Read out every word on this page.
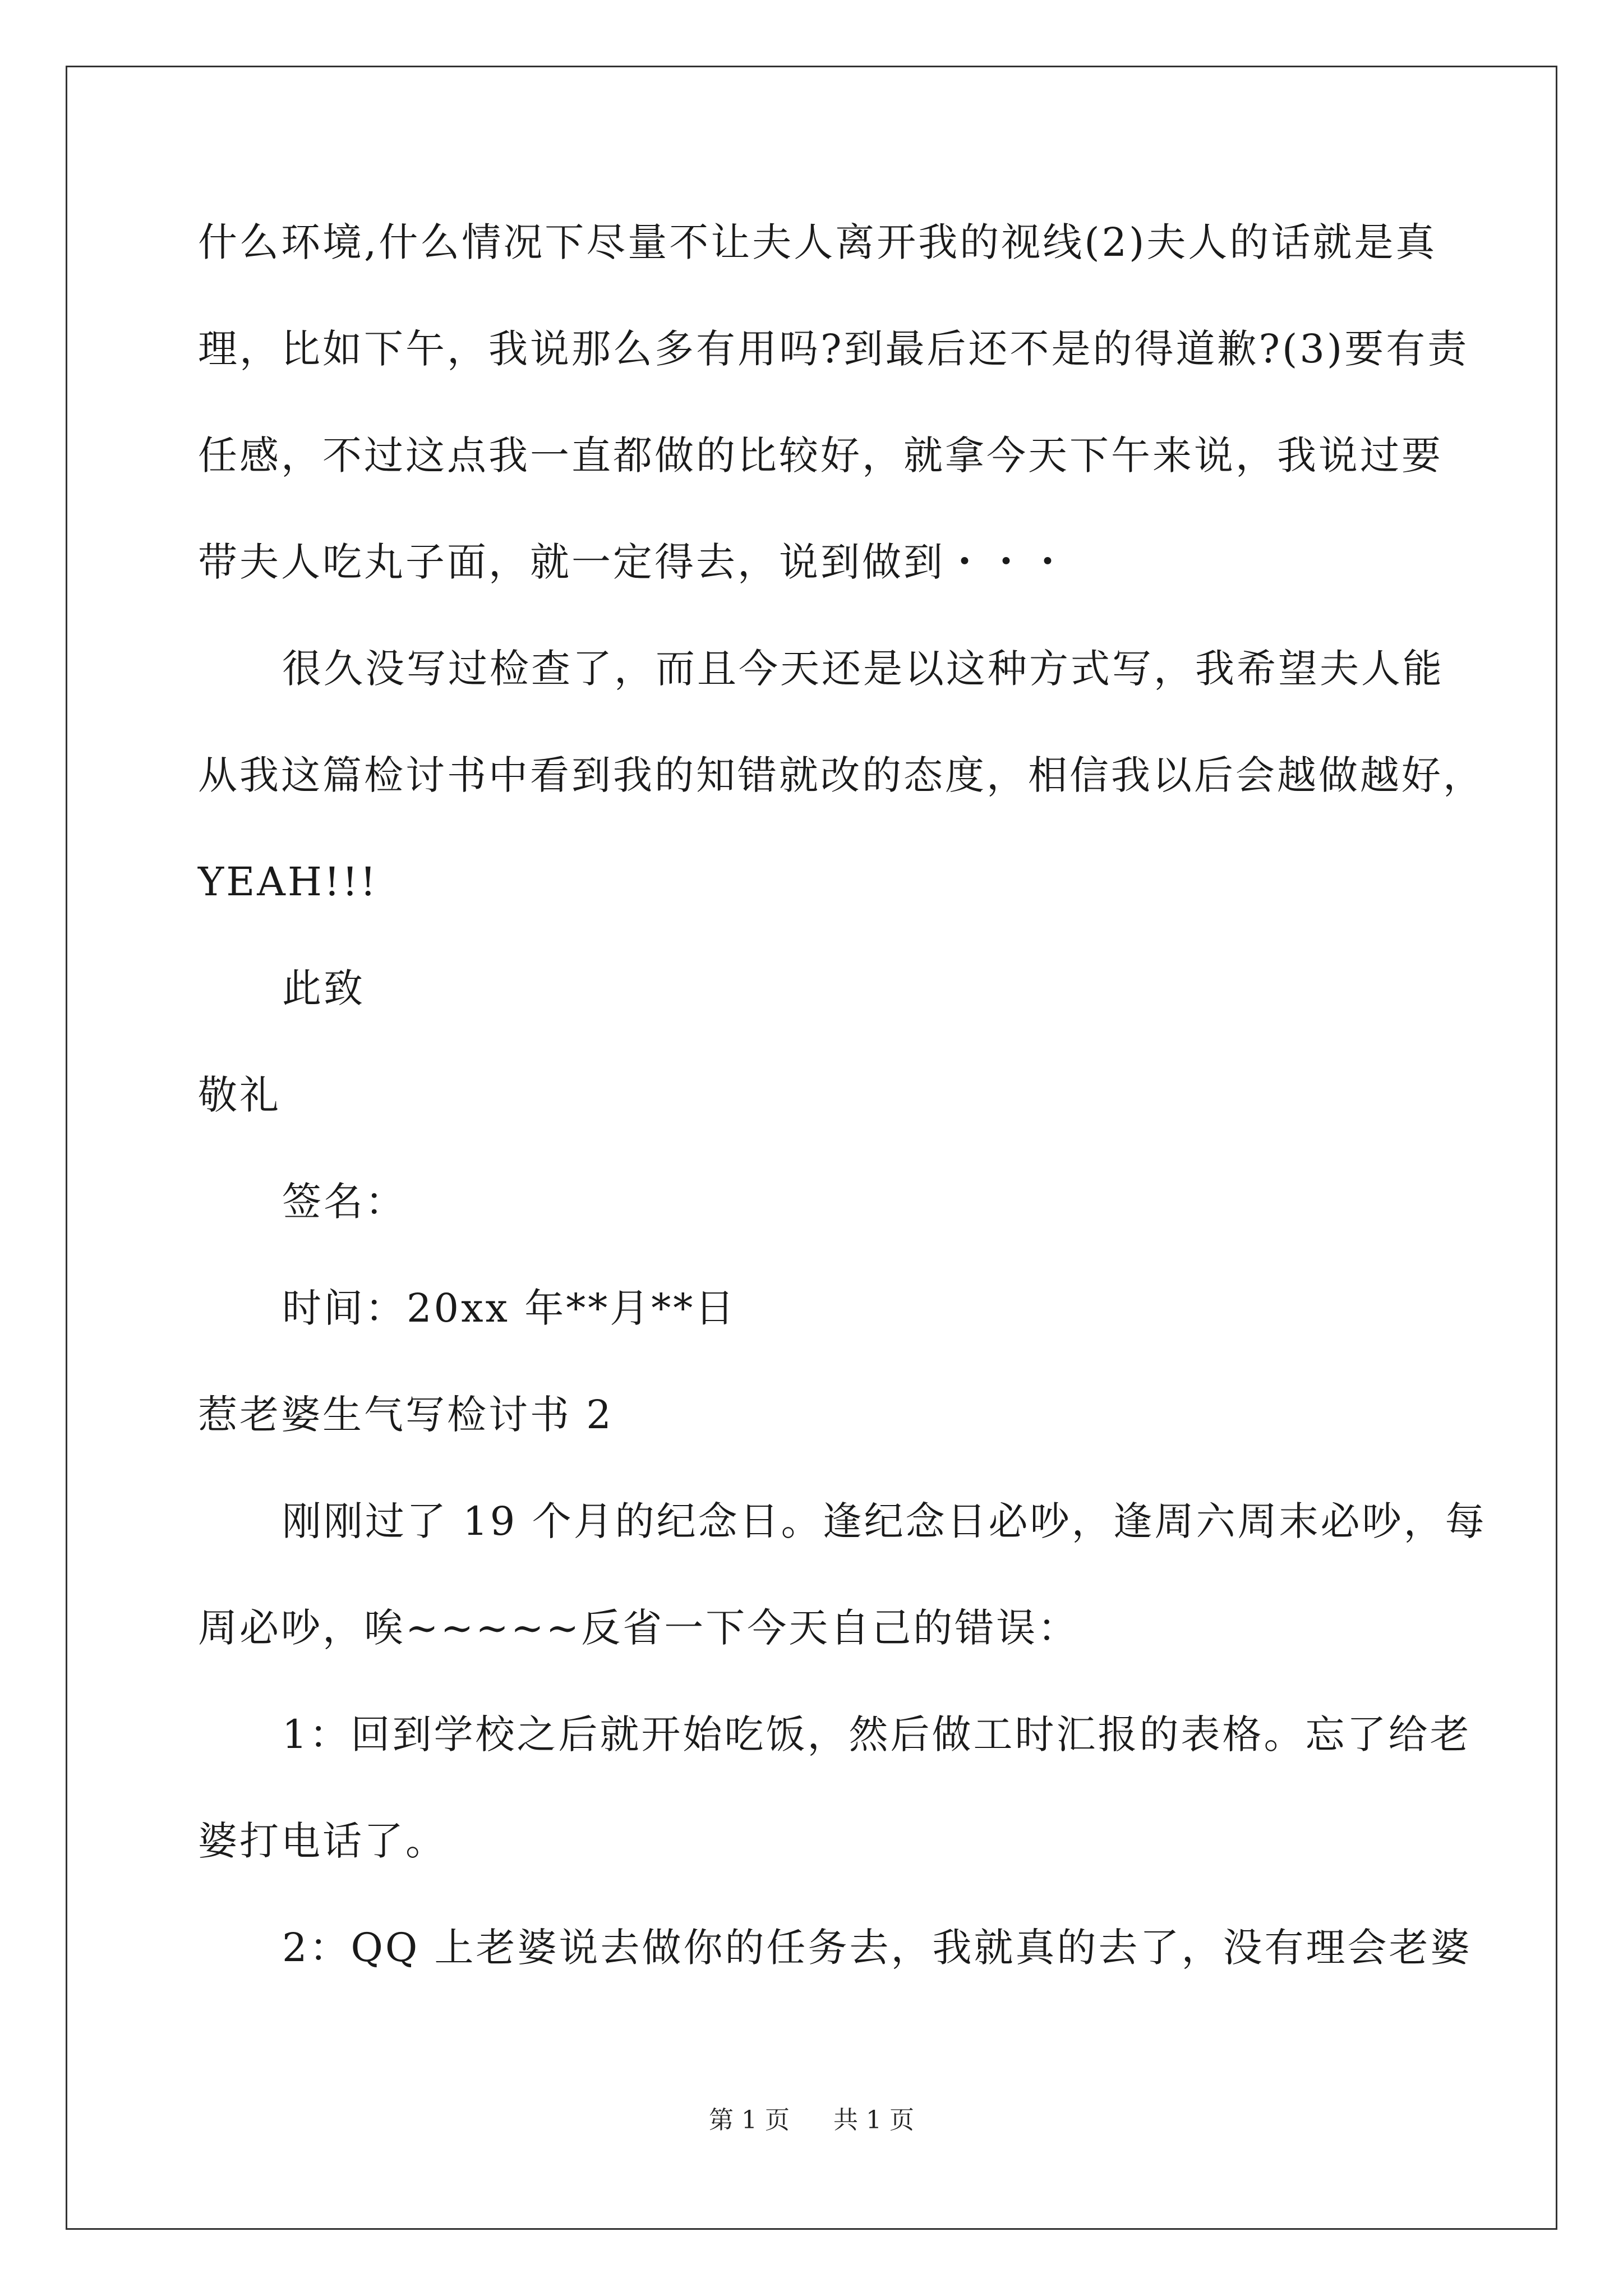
什么环境,什么情况下尽量不让夫人离开我的视线(2)夫人的话就是真
理，比如下午，我说那么多有用吗?到最后还不是的得道歉?(3)要有责
任感，不过这点我一直都做的比较好，就拿今天下午来说，我说过要
带夫人吃丸子面，就一定得去，说到做到・・・
很久没写过检查了，而且今天还是以这种方式写，我希望夫人能
从我这篇检讨书中看到我的知错就改的态度，相信我以后会越做越好，
YEAH!!!
此致
敬礼
签名：
时间：20xx 年**月**日
惹老婆生气写检讨书 2
刚刚过了 19 个月的纪念日。逢纪念日必吵，逢周六周末必吵，每
周必吵，唉~~~~~反省一下今天自己的错误：
1：回到学校之后就开始吃饭，然后做工时汇报的表格。忘了给老
婆打电话了。
2：QQ 上老婆说去做你的任务去，我就真的去了，没有理会老婆
第 1 页 共 1 页
